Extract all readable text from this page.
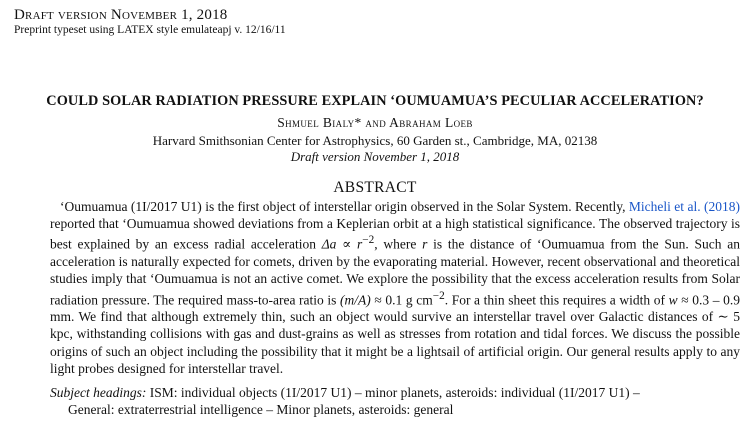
Draft version November 1, 2018
Preprint typeset using LATEX style emulateapj v. 12/16/11
COULD SOLAR RADIATION PRESSURE EXPLAIN ‘OUMUAMUA’S PECULIAR ACCELERATION?
Shmuel Bialy* and Abraham Loeb
Harvard Smithsonian Center for Astrophysics, 60 Garden st., Cambridge, MA, 02138
Draft version November 1, 2018
ABSTRACT

‘Oumuamua (1I/2017 U1) is the first object of interstellar origin observed in the Solar System. Recently, Micheli et al. (2018) reported that ‘Oumuamua showed deviations from a Keplerian orbit at a high statistical significance. The observed trajectory is best explained by an excess radial acceleration $\Delta a \propto r^{-2}$, where r is the distance of ‘Oumuamua from the Sun. Such an acceleration is naturally expected for comets, driven by the evaporating material. However, recent observational and theoretical studies imply that ‘Oumuamua is not an active comet. We explore the possibility that the excess acceleration results from Solar radiation pressure. The required mass-to-area ratio is (m/A) ≈ 0.1 g $cm^{-2}$. For a thin sheet this requires a width of w ≈ 0.3 – 0.9 mm. We find that although extremely thin, such an object would survive an interstellar travel over Galactic distances of ∼ 5 kpc, withstanding collisions with gas and dust-grains as well as stresses from rotation and tidal forces. We discuss the possible origins of such an object including the possibility that it might be a lightsail of artificial origin. Our general results apply to any light probes designed for interstellar travel.

Subject headings: ISM: individual objects (1I/2017 U1) – minor planets, asteroids: individual (1I/2017 U1) –
General: extraterrestrial intelligence – Minor planets, asteroids: general
